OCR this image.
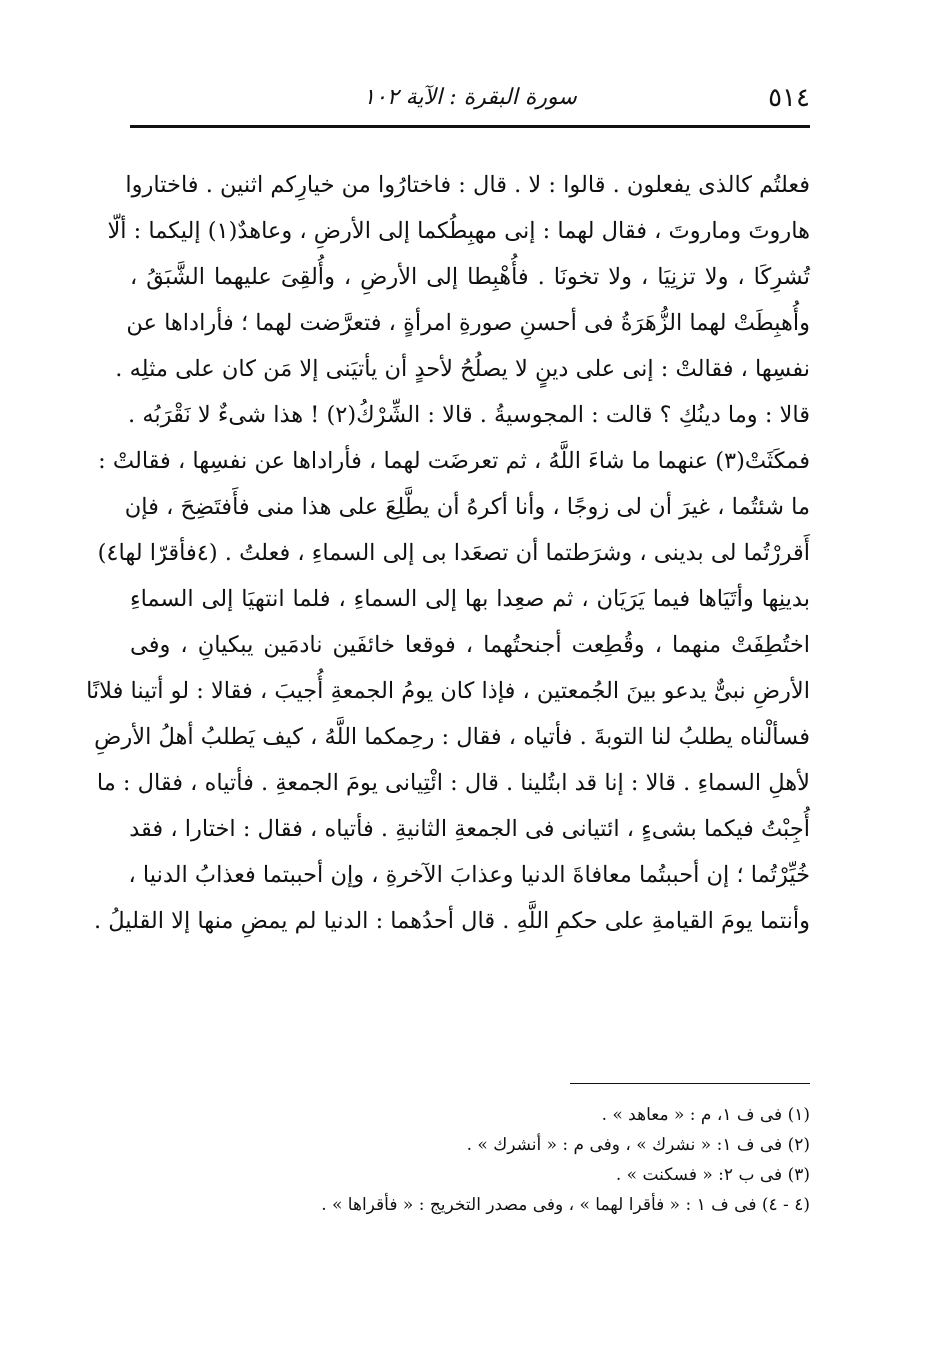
٥١٤
سورة البقرة : الآية ١٠٢
فعلتُم كالذى يفعلون . قالوا : لا . قال : فاختارُوا من خيارِكم اثنين . فاختاروا
هاروتَ وماروتَ ، فقال لهما : إنى مهبِطُكما إلى الأرضِ ، وعاهدٌ(١) إليكما : ألّا
تُشرِكَا ، ولا تزنِيَا ، ولا تخونَا . فأُهْبِطا إلى الأرضِ ، وأُلقِىَ عليهما الشَّبَقُ ،
وأُهبِطَتْ لهما الزُّهَرَةُ فى أحسنِ صورةِ امرأةٍ ، فتعرَّضت لهما ؛ فأراداها عن
نفسِها ، فقالتْ : إنى على دينٍ لا يصلُحُ لأحدٍ أن يأتيَنى إلا مَن كان على مثلِه .
قالا : وما دينُكِ ؟ قالت : المجوسيةُ . قالا : الشِّرْكُ(٢) ! هذا شىءٌ لا نَقْرَبُه .
فمكَثَتْ(٣) عنهما ما شاءَ اللَّهُ ، ثم تعرضَت لهما ، فأراداها عن نفسِها ، فقالتْ :
ما شئتُما ، غيرَ أن لى زوجًا ، وأنا أكرهُ أن يطَّلِعَ على هذا منى فأَفتَضِحَ ، فإن
أَقررْتُما لى بدينى ، وشرَطتما أن تصعَدا بى إلى السماءِ ، فعلتُ . (٤فأقرّا لها٤)
بدينِها وأتَيَاها فيما يَرَيَان ، ثم صعِدا بها إلى السماءِ ، فلما انتهيَا إلى السماءِ
اختُطِفَتْ منهما ، وقُطِعت أجنحتُهما ، فوقعا خائفَين نادمَين يبكيانِ ، وفى
الأرضِ نبىٌّ يدعو بينَ الجُمعتين ، فإذا كان يومُ الجمعةِ أُجيبَ ، فقالا : لو أتينا فلانًا
فسألْناه يطلبُ لنا التوبةَ . فأتياه ، فقال : رحِمكما اللَّهُ ، كيف يَطلبُ أهلُ الأرضِ
لأهلِ السماءِ . قالا : إنا قد ابتُلينا . قال : ائْتِيانى يومَ الجمعةِ . فأتياه ، فقال : ما
أُجِبْتُ فيكما بشىءٍ ، ائتيانى فى الجمعةِ الثانيةِ . فأتياه ، فقال : اختارا ، فقد
خُيِّرْتُما ؛ إن أحببتُما معافاةَ الدنيا وعذابَ الآخرةِ ، وإن أحببتما فعذابُ الدنيا ،
وأنتما يومَ القيامةِ على حكمِ اللَّهِ . قال أحدُهما : الدنيا لم يمضِ منها إلا القليلُ .
(١) فى ف ١، م : « معاهد » .
(٢) فى ف ١: « نشرك » ، وفى م : « أنشرك » .
(٣) فى ب ٢: « فسكنت » .
(٤ - ٤) فى ف ١ : « فأقرا لهما » ، وفى مصدر التخريج : « فأقراها » .
